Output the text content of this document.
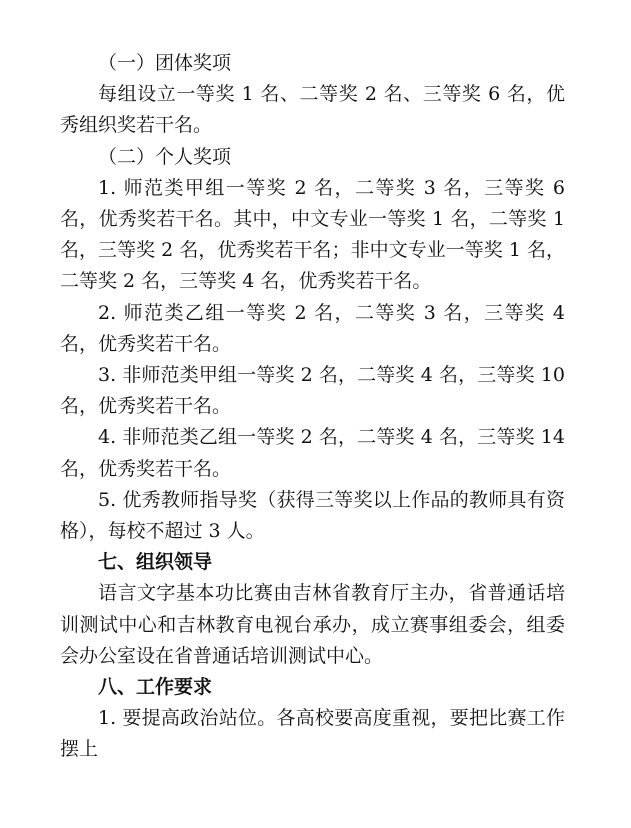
（一）团体奖项

每组设立一等奖 1 名、二等奖 2 名、三等奖 6 名，优秀组织奖若干名。

（二）个人奖项

1. 师范类甲组一等奖 2 名，二等奖 3 名，三等奖 6 名，优秀奖若干名。其中，中文专业一等奖 1 名，二等奖 1 名，三等奖 2 名，优秀奖若干名；非中文专业一等奖 1 名，二等奖 2 名，三等奖 4 名，优秀奖若干名。

2. 师范类乙组一等奖 2 名，二等奖 3 名，三等奖 4 名，优秀奖若干名。

3. 非师范类甲组一等奖 2 名，二等奖 4 名，三等奖 10 名，优秀奖若干名。

4. 非师范类乙组一等奖 2 名，二等奖 4 名，三等奖 14 名，优秀奖若干名。

5. 优秀教师指导奖（获得三等奖以上作品的教师具有资格），每校不超过 3 人。

七、组织领导

语言文字基本功比赛由吉林省教育厅主办，省普通话培训测试中心和吉林教育电视台承办，成立赛事组委会，组委会办公室设在省普通话培训测试中心。

八、工作要求

1. 要提高政治站位。各高校要高度重视，要把比赛工作摆上
